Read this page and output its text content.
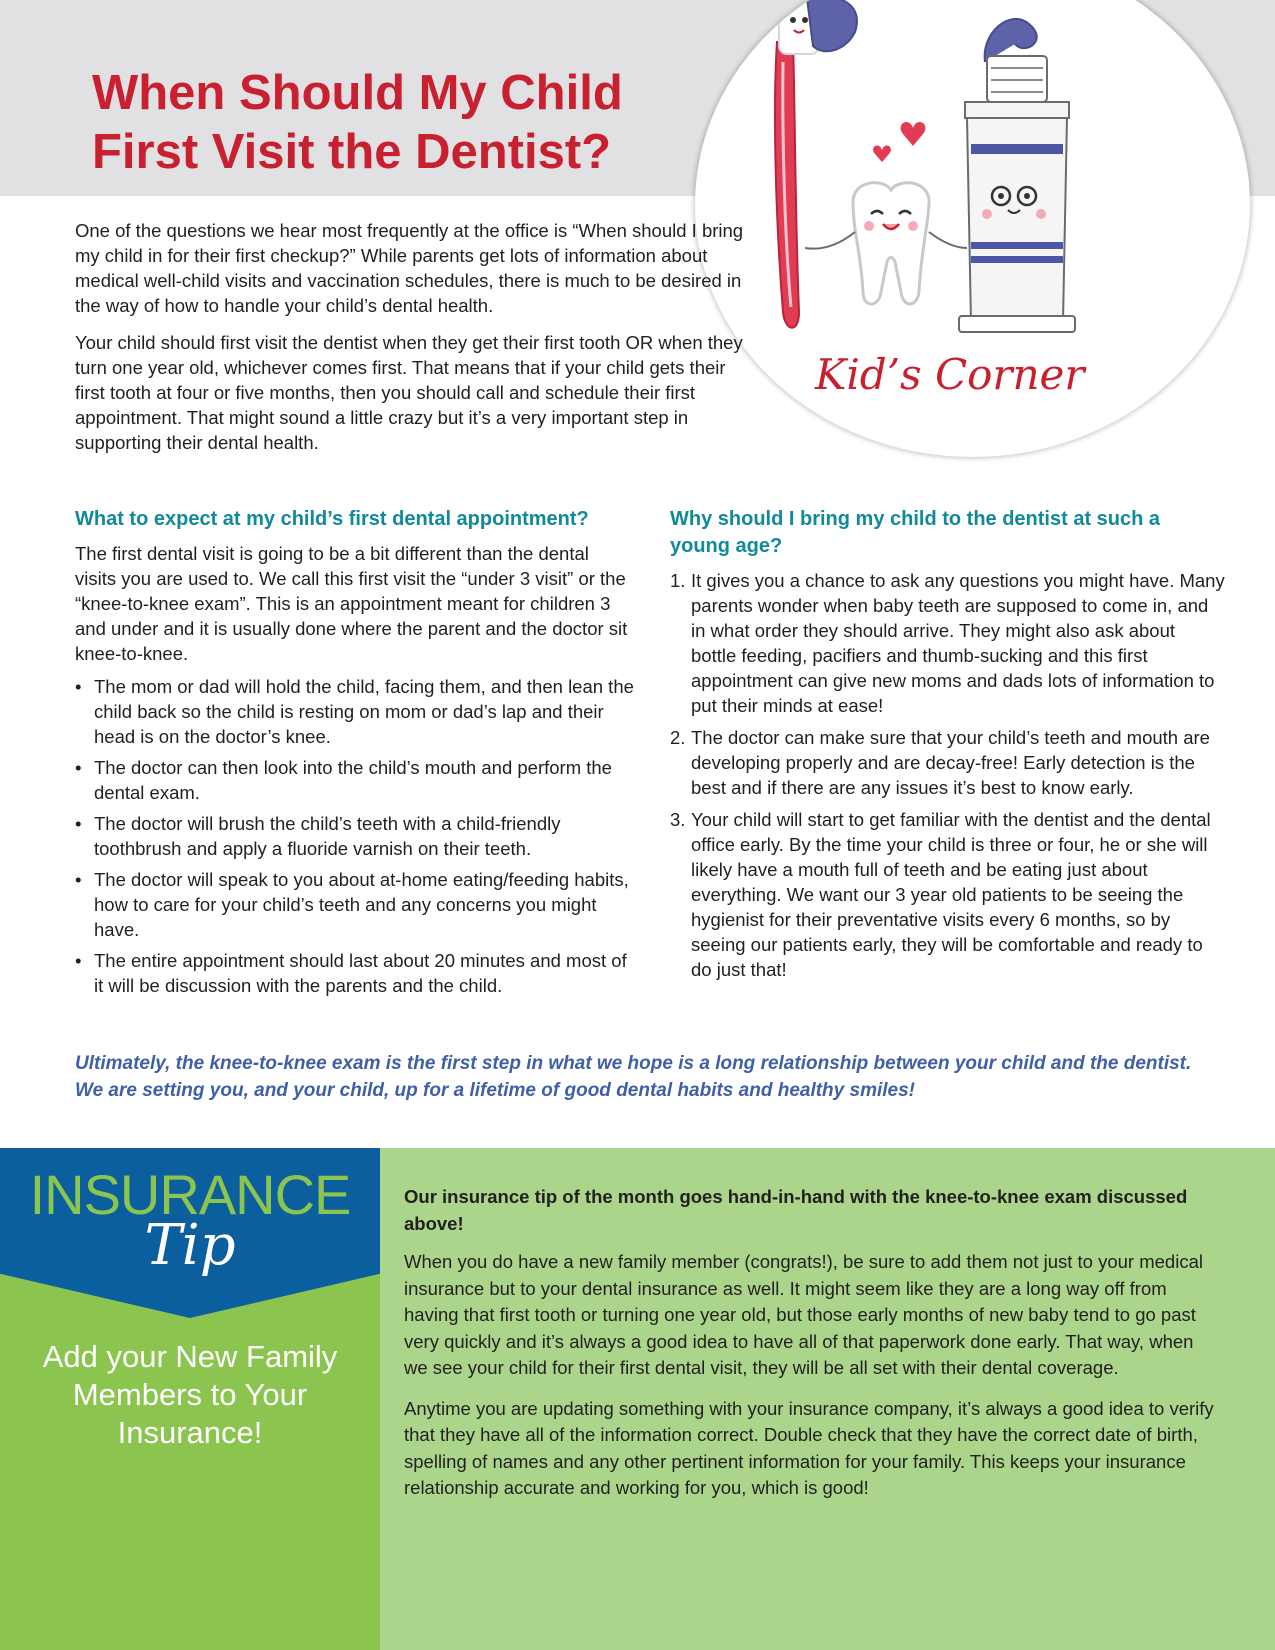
When Should My Child First Visit the Dentist?
Kid’s Corner

One of the questions we hear most frequently at the office is “When should I bring my child in for their first checkup?” While parents get lots of information about medical well-child visits and vaccination schedules, there is much to be desired in the way of how to handle your child’s dental health.

Your child should first visit the dentist when they get their first tooth OR when they turn one year old, whichever comes first. That means that if your child gets their first tooth at four or five months, then you should call and schedule their first appointment. That might sound a little crazy but it’s a very important step in supporting their dental health.

What to expect at my child’s first dental appointment?

The first dental visit is going to be a bit different than the dental visits you are used to. We call this first visit the “under 3 visit” or the “knee-to-knee exam”. This is an appointment meant for children 3 and under and it is usually done where the parent and the doctor sit knee-to-knee.

• The mom or dad will hold the child, facing them, and then lean the child back so the child is resting on mom or dad’s lap and their head is on the doctor’s knee.
• The doctor can then look into the child’s mouth and perform the dental exam.
• The doctor will brush the child’s teeth with a child-friendly toothbrush and apply a fluoride varnish on their teeth.
• The doctor will speak to you about at-home eating/feeding habits, how to care for your child’s teeth and any concerns you might have.
• The entire appointment should last about 20 minutes and most of it will be discussion with the parents and the child.
Why should I bring my child to the dentist at such a young age?
1. It gives you a chance to ask any questions you might have. Many parents wonder when baby teeth are supposed to come in, and in what order they should arrive. They might also ask about bottle feeding, pacifiers and thumb-sucking and this first appointment can give new moms and dads lots of information to put their minds at ease!
2. The doctor can make sure that your child’s teeth and mouth are developing properly and are decay-free! Early detection is the best and if there are any issues it’s best to know early.
3. Your child will start to get familiar with the dentist and the dental office early. By the time your child is three or four, he or she will likely have a mouth full of teeth and be eating just about everything. We want our 3 year old patients to be seeing the hygienist for their preventative visits every 6 months, so by seeing our patients early, they will be comfortable and ready to do just that!
Ultimately, the knee-to-knee exam is the first step in what we hope is a long relationship between your child and the dentist. We are setting you, and your child, up for a lifetime of good dental habits and healthy smiles!
INSURANCE
Tip
Add your New Family Members to Your Insurance!
Our insurance tip of the month goes hand-in-hand with the knee-to-knee exam discussed above!

When you do have a new family member (congrats!), be sure to add them not just to your medical insurance but to your dental insurance as well. It might seem like they are a long way off from having that first tooth or turning one year old, but those early months of new baby tend to go past very quickly and it’s always a good idea to have all of that paperwork done early. That way, when we see your child for their first dental visit, they will be all set with their dental coverage.

Anytime you are updating something with your insurance company, it’s always a good idea to verify that they have all of the information correct. Double check that they have the correct date of birth, spelling of names and any other pertinent information for your family. This keeps your insurance relationship accurate and working for you, which is good!
